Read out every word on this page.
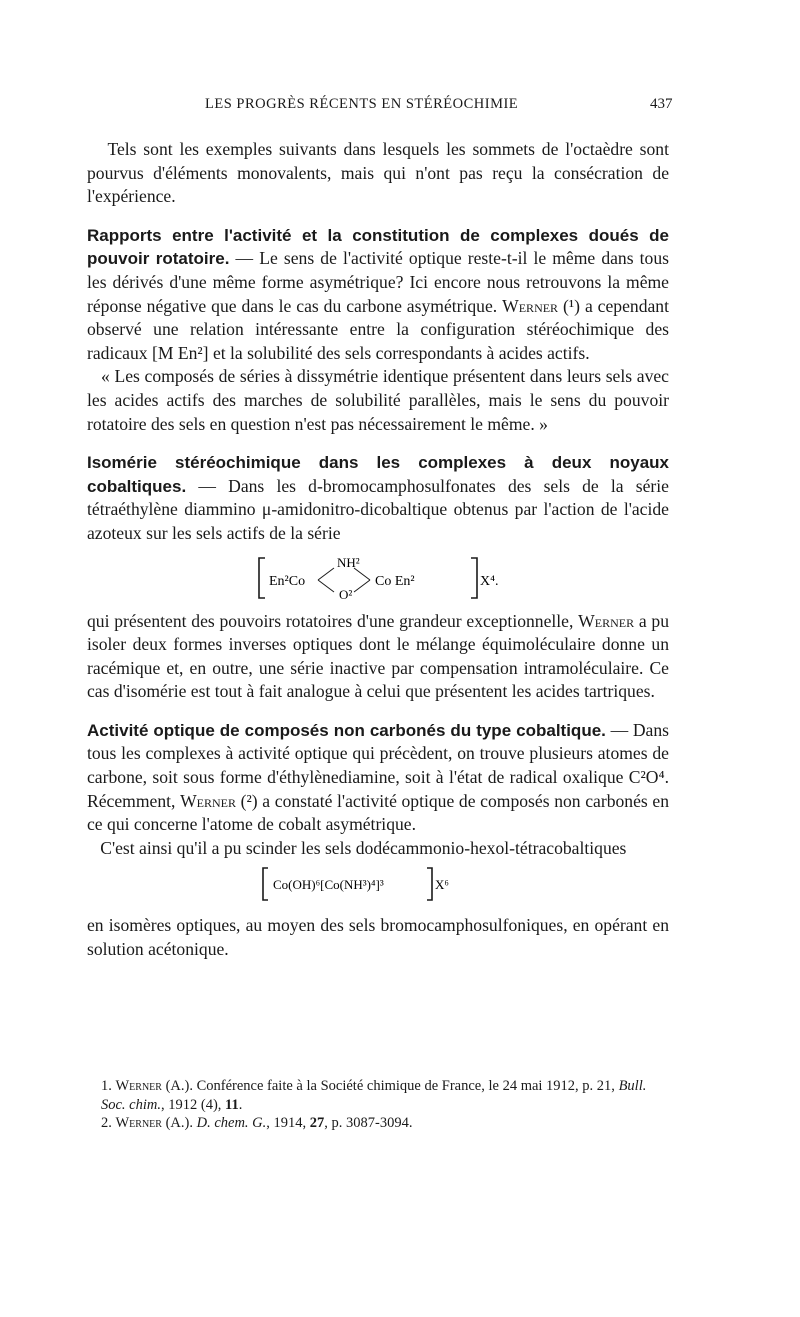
LES PROGRÈS RÉCENTS EN STÉRÉOCHIMIE	437

Tels sont les exemples suivants dans lesquels les sommets de l'octaèdre sont pourvus d'éléments monovalents, mais qui n'ont pas reçu la consécration de l'expérience.

Rapports entre l'activité et la constitution de complexes doués de pouvoir rotatoire. — Le sens de l'activité optique reste-t-il le même dans tous les dérivés d'une même forme asymétrique? Ici encore nous retrouvons la même réponse négative que dans le cas du carbone asymétrique. Werner (¹) a cependant observé une relation intéressante entre la configuration stéréochimique des radicaux [M En²] et la solubilité des sels correspondants à acides actifs.

« Les composés de séries à dissymétrie identique présentent dans leurs sels avec les acides actifs des marches de solubilité parallèles, mais le sens du pouvoir rotatoire des sels en question n'est pas nécessairement le même. »

Isomérie stéréochimique dans les complexes à deux noyaux cobaltiques. — Dans les d-bromocamphosulfonates des sels de la série tétraéthylène diammino μ-amidonitro-dicobaltique obtenus par l'action de l'acide azoteux sur les sels actifs de la série

En²Co
NH²
O²
Co En²	X⁴.

qui présentent des pouvoirs rotatoires d'une grandeur exceptionnelle, Werner a pu isoler deux formes inverses optiques dont le mélange équimoléculaire donne un racémique et, en outre, une série inactive par compensation intramoléculaire. Ce cas d'isomérie est tout à fait analogue à celui que présentent les acides tartriques.

Activité optique de composés non carbonés du type cobaltique. — Dans tous les complexes à activité optique qui précèdent, on trouve plusieurs atomes de carbone, soit sous forme d'éthylènediamine, soit à l'état de radical oxalique C²O⁴. Récemment, Werner (²) a constaté l'activité optique de composés non carbonés en ce qui concerne l'atome de cobalt asymétrique.

C'est ainsi qu'il a pu scinder les sels dodécammonio-hexol-tétracobaltiques

Co(OH)⁶[Co(NH³)⁴]³	X⁶

en isomères optiques, au moyen des sels bromocamphosulfoniques, en opérant en solution acétonique.

1. Werner (A.). Conférence faite à la Société chimique de France, le 24 mai 1912, p. 21, Bull. Soc. chim., 1912 (4), 11.

2. Werner (A.). D. chem. G., 1914, 27, p. 3087-3094.
